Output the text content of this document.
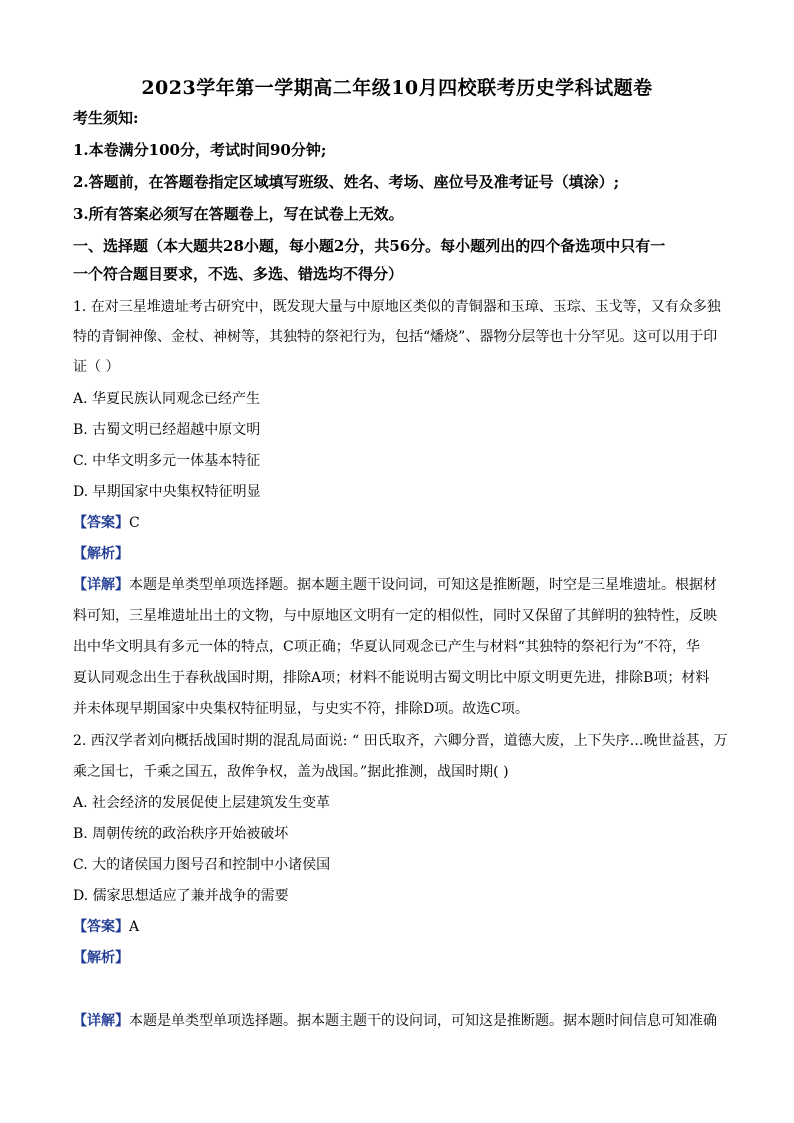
2023学年第一学期高二年级10月四校联考历史学科试题卷
考生须知:
1.本卷满分100分，考试时间90分钟;
2.答题前，在答题卷指定区域填写班级、姓名、考场、座位号及准考证号（填涂）;
3.所有答案必须写在答题卷上，写在试卷上无效。
一、选择题（本大题共28小题，每小题2分，共56分。每小题列出的四个备选项中只有一
一个符合题目要求，不选、多选、错选均不得分）
1. 在对三星堆遗址考古研究中，既发现大量与中原地区类似的青铜器和玉璋、玉琮、玉戈等，又有众多独
特的青铜神像、金杖、神树等，其独特的祭祀行为，包括“燔烧”、器物分层等也十分罕见。这可以用于印
证（ ）
A. 华夏民族认同观念已经产生
B. 古蜀文明已经超越中原文明
C. 中华文明多元一体基本特征
D. 早期国家中央集权特征明显
【答案】C
【解析】
【详解】本题是单类型单项选择题。据本题主题干设问词，可知这是推断题，时空是三星堆遗址。根据材
料可知，三星堆遗址出土的文物，与中原地区文明有一定的相似性，同时又保留了其鲜明的独特性，反映
出中华文明具有多元一体的特点，C项正确；华夏认同观念已产生与材料“其独特的祭祀行为”不符，华
夏认同观念出生于春秋战国时期，排除A项；材料不能说明古蜀文明比中原文明更先进，排除B项；材料
并未体现早期国家中央集权特征明显，与史实不符，排除D项。故选C项。
2. 西汉学者刘向概括战国时期的混乱局面说: “ 田氏取齐，六卿分晋，道德大废，上下失序…晚世益甚，万
乘之国七，千乘之国五，敌侔争权，盖为战国。”据此推测，战国时期( )
A. 社会经济的发展促使上层建筑发生变革
B. 周朝传统的政治秩序开始被破坏
C. 大的诸侯国力图号召和控制中小诸侯国
D. 儒家思想适应了兼并战争的需要
【答案】A
【解析】
【详解】本题是单类型单项选择题。据本题主题干的设问词，可知这是推断题。据本题时间信息可知准确
